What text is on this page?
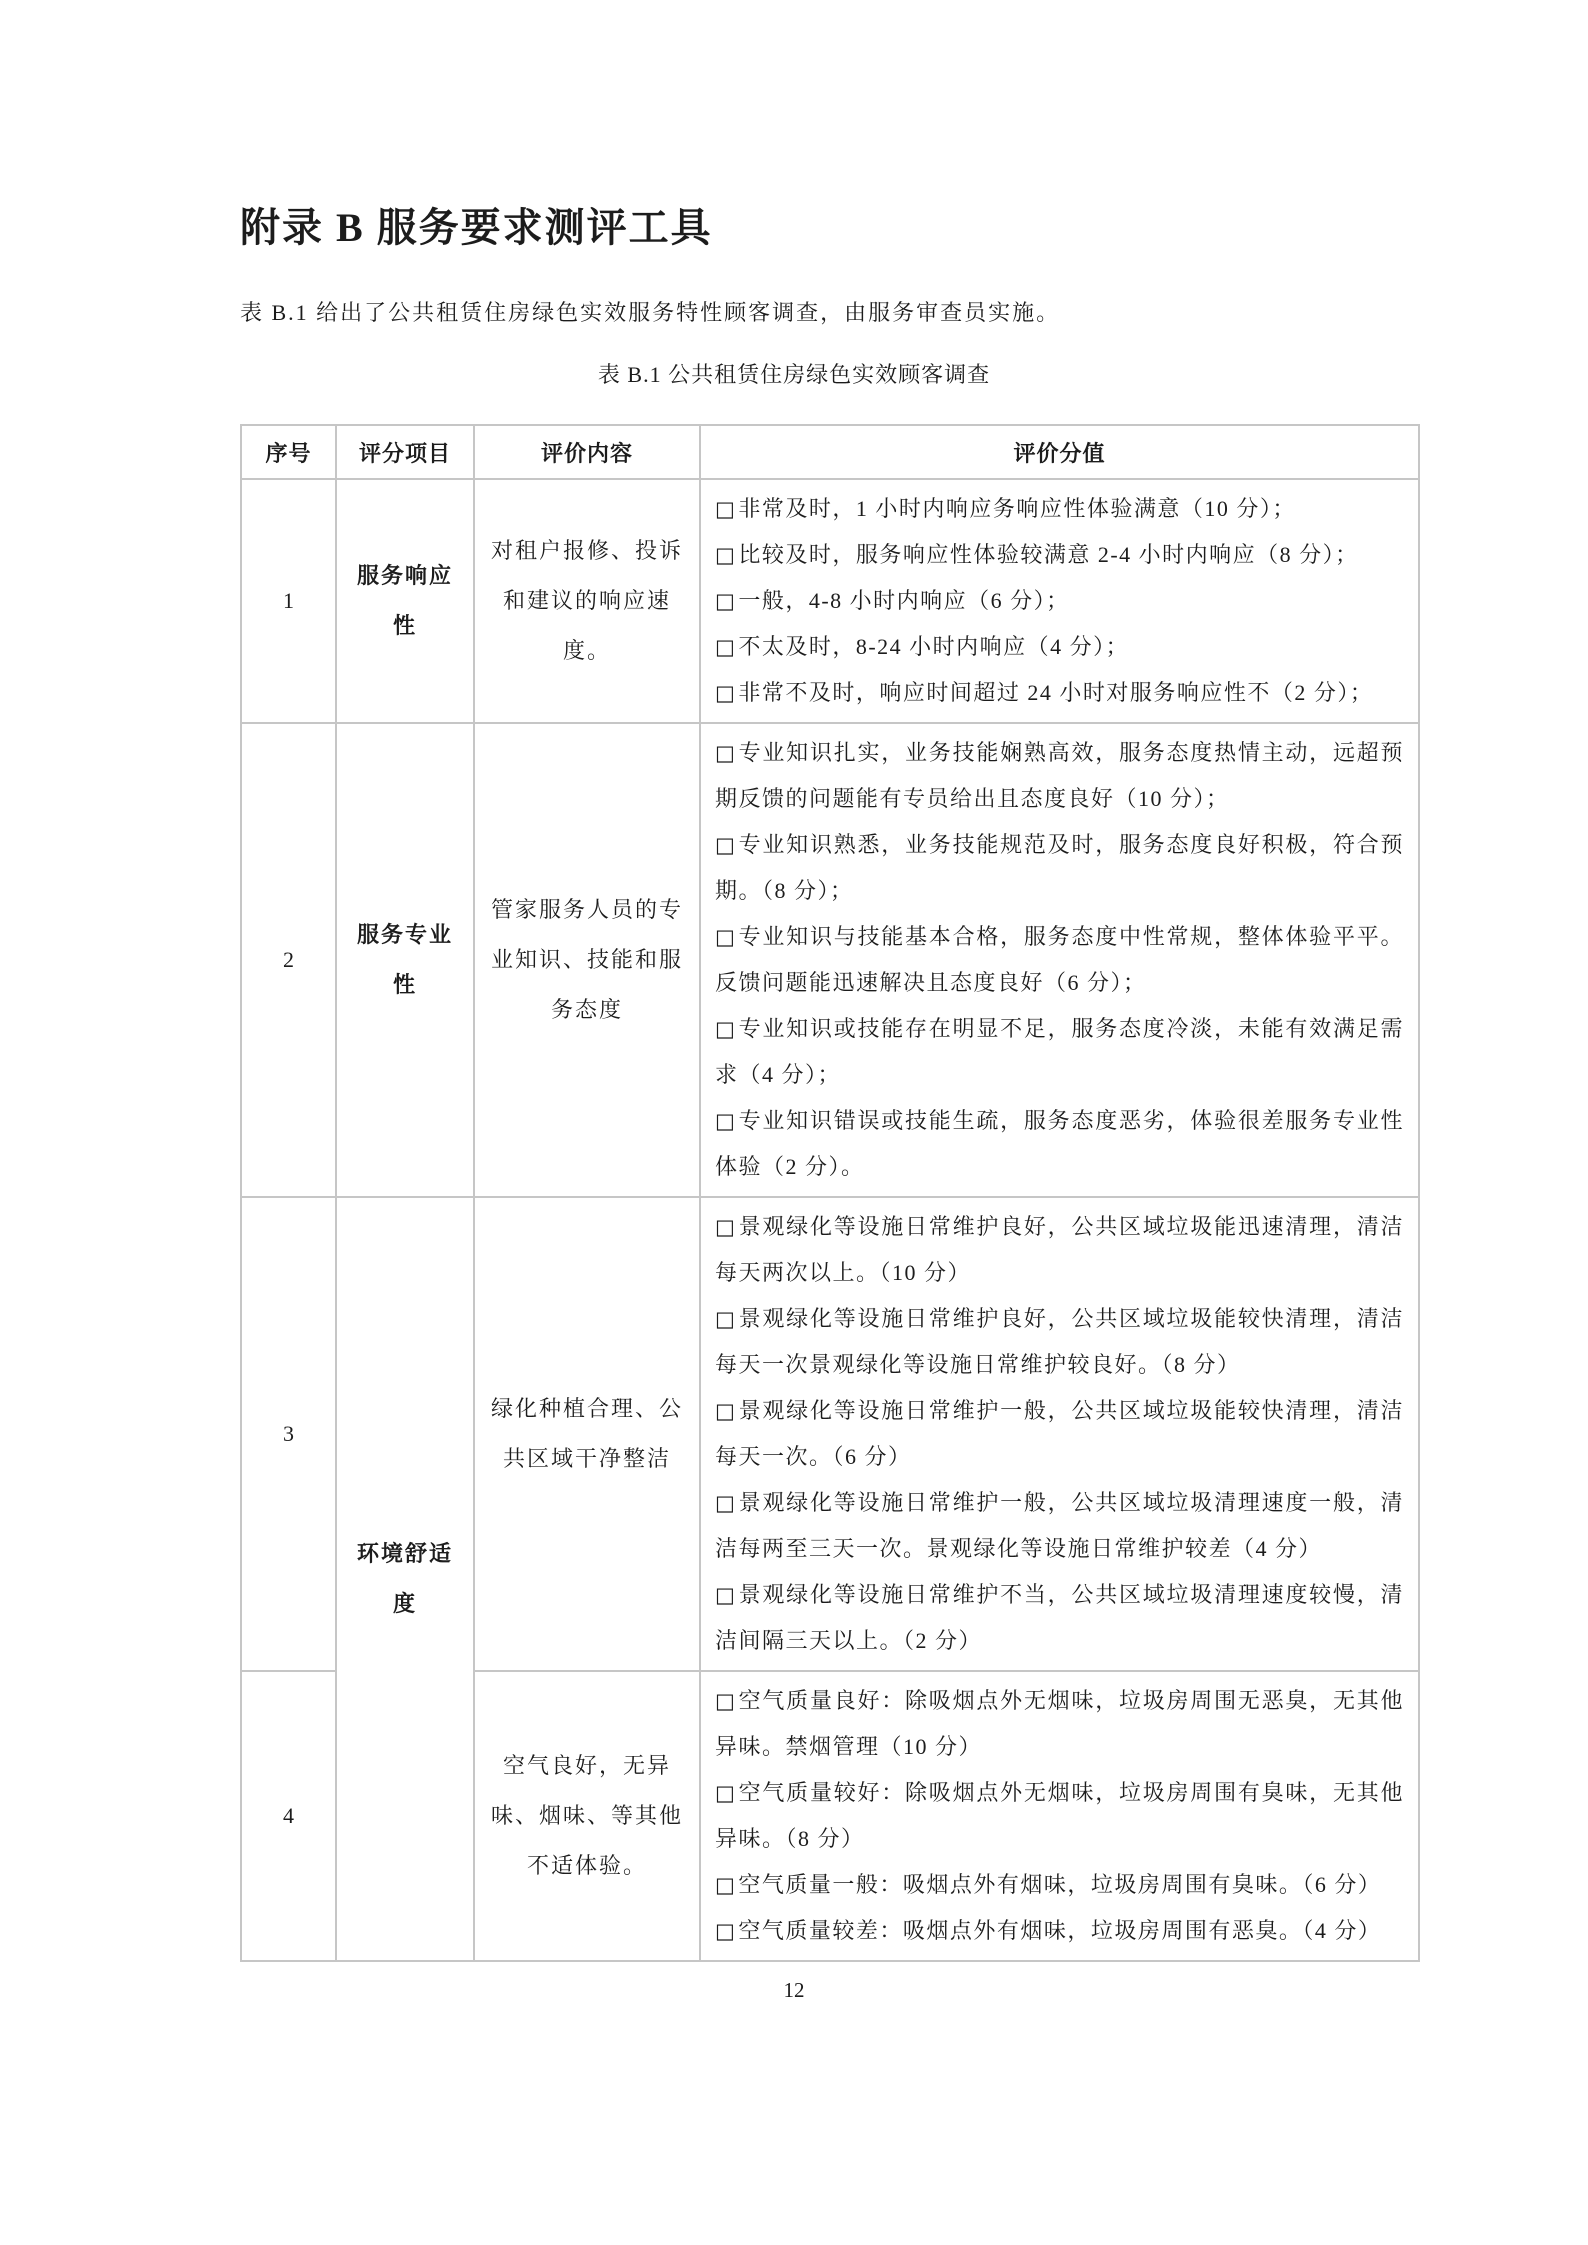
附录 B 服务要求测评工具

表 B.1 给出了公共租赁住房绿色实效服务特性顾客调查，由服务审查员实施。

表 B.1 公共租赁住房绿色实效顾客调查

序号	评分项目	评价内容	评价分值
1	服务响应性	对租户报修、投诉和建议的响应速度。	□非常及时，1 小时内响应务响应性体验满意（10 分）；
□比较及时，服务响应性体验较满意 2-4 小时内响应（8 分）；
□一般，4-8 小时内响应（6 分）；
□不太及时，8-24 小时内响应（4 分）；
□非常不及时，响应时间超过 24 小时对服务响应性不（2 分）；

2	服务专业性	管家服务人员的专业知识、技能和服务态度	□专业知识扎实，业务技能娴熟高效，服务态度热情主动，远超预期反馈的问题能有专员给出且态度良好（10 分）；
□专业知识熟悉，业务技能规范及时，服务态度良好积极，符合预期。（8 分）；
□专业知识与技能基本合格，服务态度中性常规，整体体验平平。反馈问题能迅速解决且态度良好（6 分）；
□专业知识或技能存在明显不足，服务态度冷淡，未能有效满足需求（4 分）；
□专业知识错误或技能生疏，服务态度恶劣，体验很差服务专业性体验（2 分）。

3	环境舒适度	绿化种植合理、公共区域干净整洁	□景观绿化等设施日常维护良好，公共区域垃圾能迅速清理，清洁每天两次以上。（10 分）
□景观绿化等设施日常维护良好，公共区域垃圾能较快清理，清洁每天一次景观绿化等设施日常维护较良好。（8 分）
□景观绿化等设施日常维护一般，公共区域垃圾能较快清理，清洁每天一次。（6 分）
□景观绿化等设施日常维护一般，公共区域垃圾清理速度一般，清洁每两至三天一次。景观绿化等设施日常维护较差（4 分）
□景观绿化等设施日常维护不当，公共区域垃圾清理速度较慢，清洁间隔三天以上。（2 分）

4		空气良好，无异味、烟味、等其他不适体验。	□空气质量良好：除吸烟点外无烟味，垃圾房周围无恶臭，无其他异味。禁烟管理（10 分）
□空气质量较好：除吸烟点外无烟味，垃圾房周围有臭味，无其他异味。（8 分）
□空气质量一般：吸烟点外有烟味，垃圾房周围有臭味。（6 分）
□空气质量较差：吸烟点外有烟味，垃圾房周围有恶臭。（4 分）
12
